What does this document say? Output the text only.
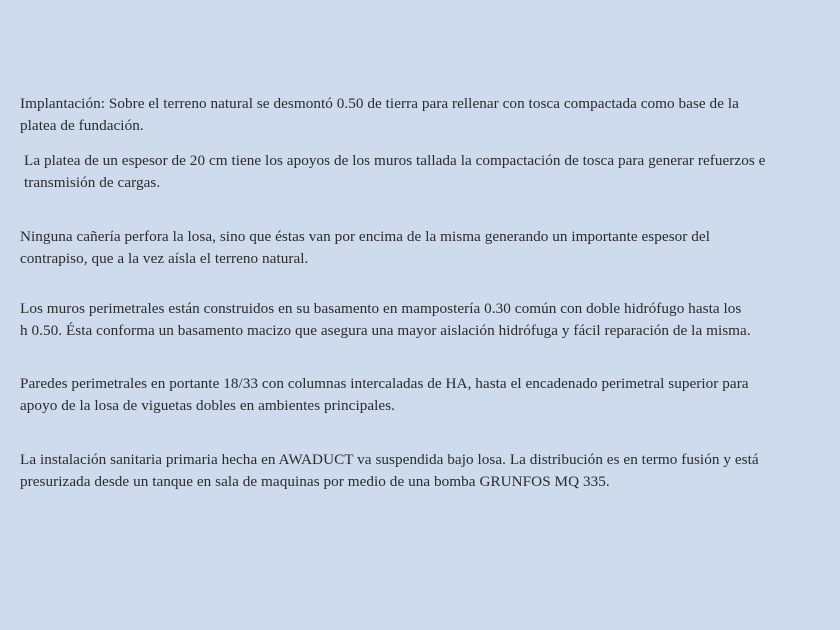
Implantación: Sobre el terreno natural se desmontó 0.50 de tierra para rellenar con tosca compactada como base de la
platea de fundación.

La platea de un espesor de 20 cm tiene los apoyos de los muros tallada la compactación de tosca para generar refuerzos e
transmisión de cargas.

Ninguna cañería perfora la losa, sino que éstas van por encima de la misma generando un importante espesor del
contrapiso, que a la vez aísla el terreno natural.

Los muros perimetrales están construidos en su basamento en mampostería 0.30 común con doble hidrófugo hasta los
h 0.50. Ésta conforma un basamento macizo que asegura una mayor aislación hidrófuga y fácil reparación de la misma.

Paredes perimetrales en portante 18/33 con columnas intercaladas de HA, hasta el encadenado perimetral superior para
apoyo de la losa de viguetas dobles en ambientes principales.

La instalación sanitaria primaria hecha en AWADUCT va suspendida bajo losa. La distribución es en termo fusión y está
presurizada desde un tanque en sala de maquinas por medio de una bomba GRUNFOS MQ 335.
